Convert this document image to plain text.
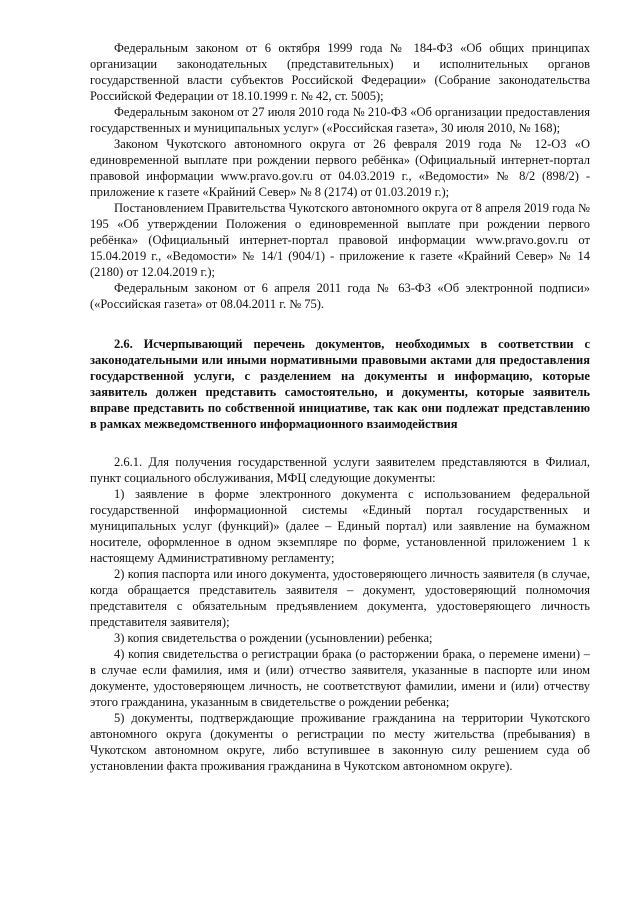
Федеральным законом от 6 октября 1999 года № 184-ФЗ «Об общих принципах организации законодательных (представительных) и исполнительных органов государственной власти субъектов Российской Федерации» (Собрание законодательства Российской Федерации от 18.10.1999 г. № 42, ст. 5005);

Федеральным законом от 27 июля 2010 года № 210-ФЗ «Об организации предоставления государственных и муниципальных услуг» («Российская газета», 30 июля 2010, № 168);

Законом Чукотского автономного округа от 26 февраля 2019 года № 12-ОЗ «О единовременной выплате при рождении первого ребёнка» (Официальный интернет-портал правовой информации www.pravo.gov.ru от 04.03.2019 г., «Ведомости» № 8/2 (898/2) - приложение к газете «Крайний Север» № 8 (2174) от 01.03.2019 г.);

Постановлением Правительства Чукотского автономного округа от 8 апреля 2019 года № 195 «Об утверждении Положения о единовременной выплате при рождении первого ребёнка» (Официальный интернет-портал правовой информации www.pravo.gov.ru от 15.04.2019 г., «Ведомости» № 14/1 (904/1) - приложение к газете «Крайний Север» № 14 (2180) от 12.04.2019 г.);

Федеральным законом от 6 апреля 2011 года № 63-ФЗ «Об электронной подписи» («Российская газета» от 08.04.2011 г. № 75).

2.6. Исчерпывающий перечень документов, необходимых в соответствии с законодательными или иными нормативными правовыми актами для предоставления государственной услуги, с разделением на документы и информацию, которые заявитель должен представить самостоятельно, и документы, которые заявитель вправе представить по собственной инициативе, так как они подлежат представлению в рамках межведомственного информационного взаимодействия

2.6.1. Для получения государственной услуги заявителем представляются в Филиал, пункт социального обслуживания, МФЦ следующие документы:

1) заявление в форме электронного документа с использованием федеральной государственной информационной системы «Единый портал государственных и муниципальных услуг (функций)» (далее – Единый портал) или заявление на бумажном носителе, оформленное в одном экземпляре по форме, установленной приложением 1 к настоящему Административному регламенту;

2) копия паспорта или иного документа, удостоверяющего личность заявителя (в случае, когда обращается представитель заявителя – документ, удостоверяющий полномочия представителя с обязательным предъявлением документа, удостоверяющего личность представителя заявителя);

3) копия свидетельства о рождении (усыновлении) ребенка;

4) копия свидетельства о регистрации брака (о расторжении брака, о перемене имени) – в случае если фамилия, имя и (или) отчество заявителя, указанные в паспорте или ином документе, удостоверяющем личность, не соответствуют фамилии, имени и (или) отчеству этого гражданина, указанным в свидетельстве о рождении ребенка;

5) документы, подтверждающие проживание гражданина на территории Чукотского автономного округа (документы о регистрации по месту жительства (пребывания) в Чукотском автономном округе, либо вступившее в законную силу решением суда об установлении факта проживания гражданина в Чукотском автономном округе).
